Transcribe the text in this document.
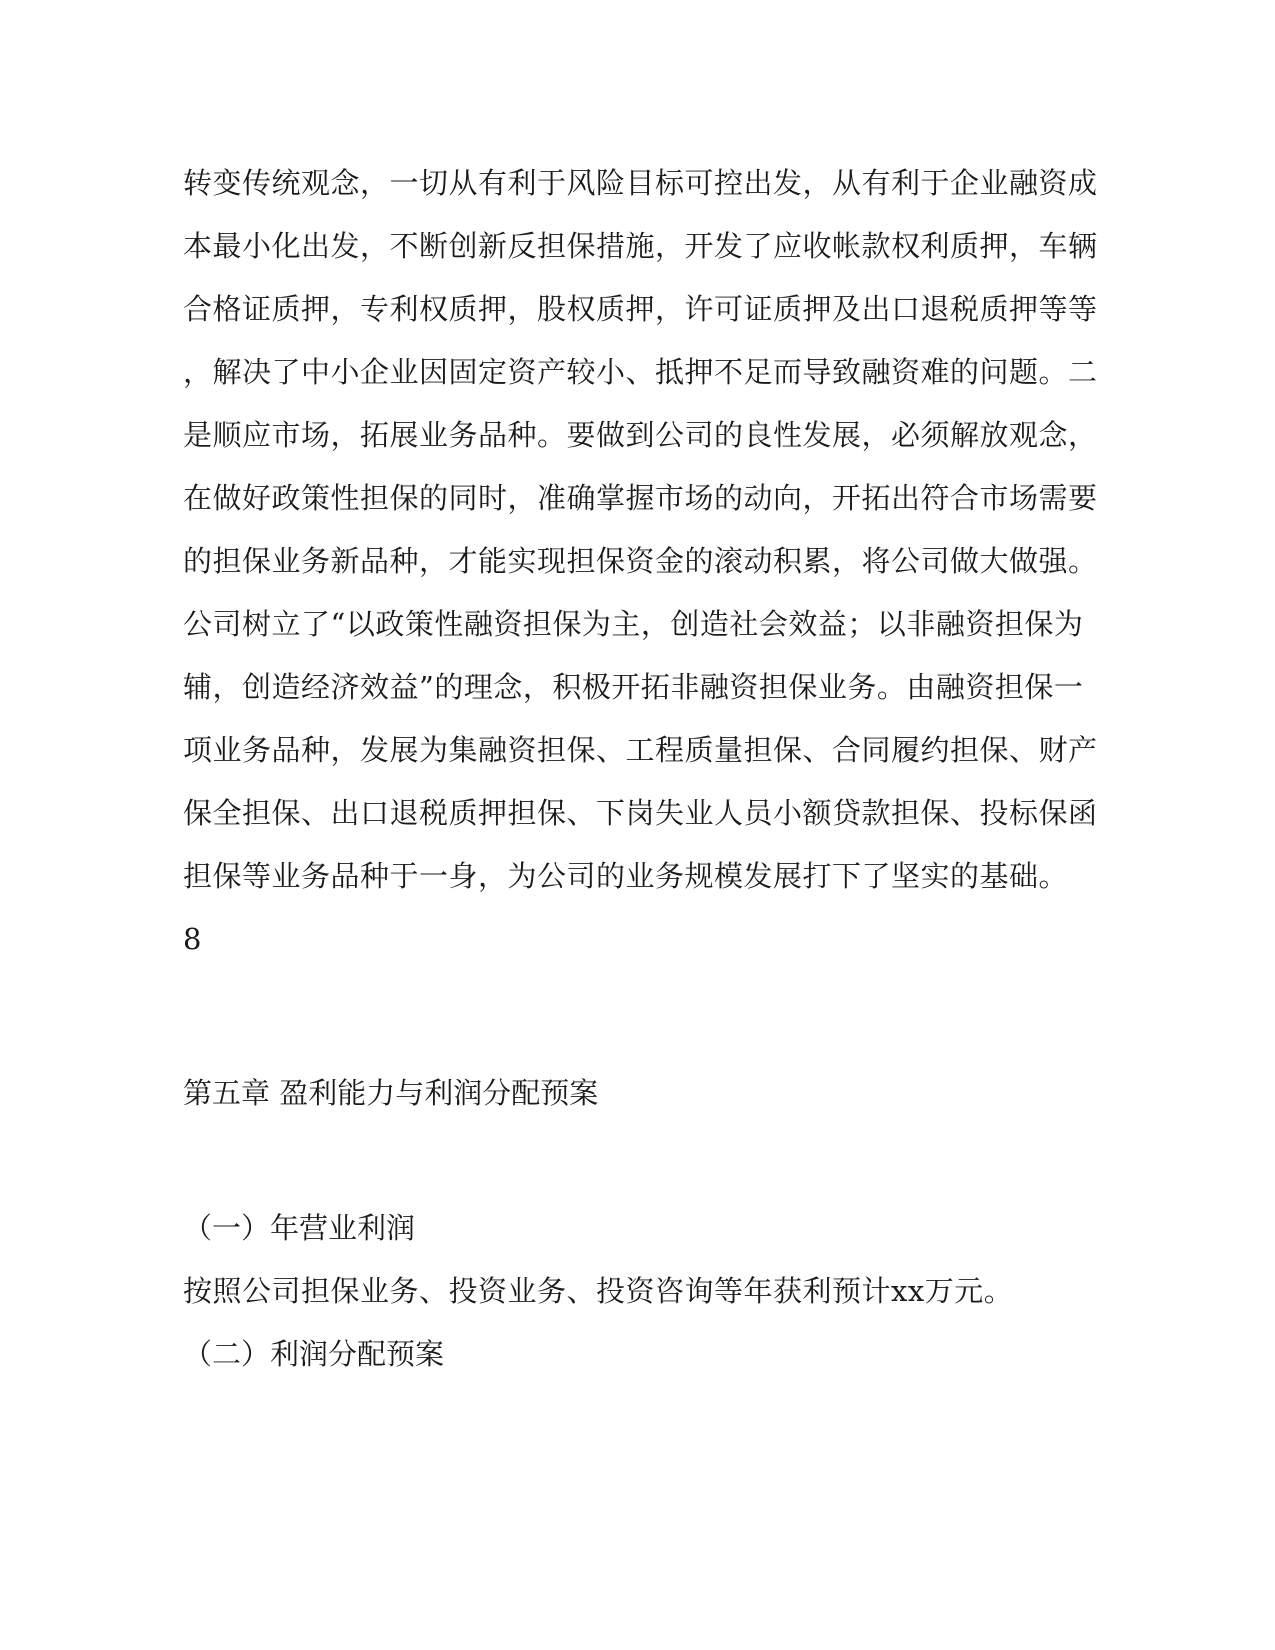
转变传统观念，一切从有利于风险目标可控出发，从有利于企业融资成
本最小化出发，不断创新反担保措施，开发了应收帐款权利质押，车辆
合格证质押，专利权质押，股权质押，许可证质押及出口退税质押等等
，解决了中小企业因固定资产较小、抵押不足而导致融资难的问题。二
是顺应市场，拓展业务品种。要做到公司的良性发展，必须解放观念，
在做好政策性担保的同时，准确掌握市场的动向，开拓出符合市场需要
的担保业务新品种，才能实现担保资金的滚动积累，将公司做大做强。
公司树立了“以政策性融资担保为主，创造社会效益；以非融资担保为
辅，创造经济效益”的理念，积极开拓非融资担保业务。由融资担保一
项业务品种，发展为集融资担保、工程质量担保、合同履约担保、财产
保全担保、出口退税质押担保、下岗失业人员小额贷款担保、投标保函
担保等业务品种于一身，为公司的业务规模发展打下了坚实的基础。
8
第五章 盈利能力与利润分配预案
（一）年营业利润
按照公司担保业务、投资业务、投资咨询等年获利预计xx万元。
（二）利润分配预案
